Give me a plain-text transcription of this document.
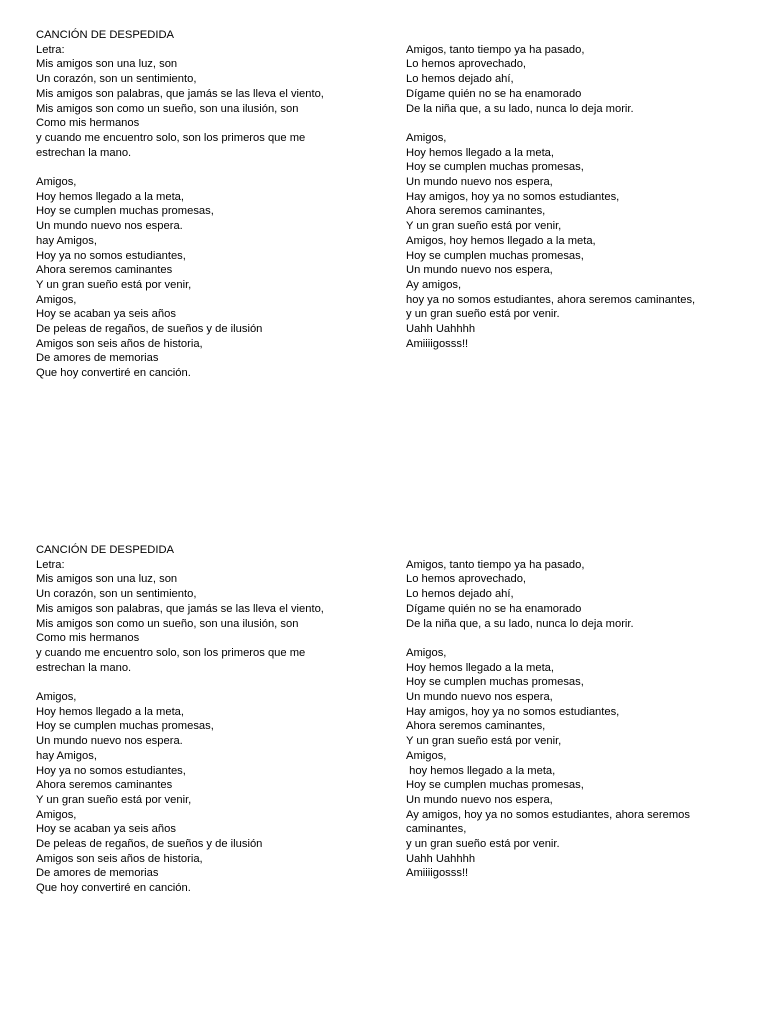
CANCIÓN DE DESPEDIDA
Letra:
Mis amigos son una luz, son
Un corazón, son un sentimiento,
Mis amigos son palabras, que jamás se las lleva el viento,
Mis amigos son como un sueño, son una ilusión, son
Como mis hermanos
y cuando me encuentro solo, son los primeros que me
estrechan la mano.
Amigos,
Hoy hemos llegado a la meta,
Hoy se cumplen muchas promesas,
Un mundo nuevo nos espera.
hay Amigos,
Hoy ya no somos estudiantes,
Ahora seremos caminantes
Y un gran sueño está por venir,
Amigos,
Hoy se acaban ya seis años
De peleas de regaños, de sueños y de ilusión
Amigos son seis años de historia,
De amores de memorias
Que hoy convertiré en canción.
Amigos, tanto tiempo ya ha pasado,
Lo hemos aprovechado,
Lo hemos dejado ahí,
Dígame quién no se ha enamorado
De la niña que, a su lado, nunca lo deja morir.
Amigos,
Hoy hemos llegado a la meta,
Hoy se cumplen muchas promesas,
Un mundo nuevo nos espera,
Hay amigos, hoy ya no somos estudiantes,
Ahora seremos caminantes,
Y un gran sueño está por venir,
Amigos, hoy hemos llegado a la meta,
Hoy se cumplen muchas promesas,
Un mundo nuevo nos espera,
Ay amigos,
hoy ya no somos estudiantes, ahora seremos caminantes,
y un gran sueño está por venir.
Uahh Uahhhh
Amiiiigosss!!
CANCIÓN DE DESPEDIDA
Letra:
Mis amigos son una luz, son
Un corazón, son un sentimiento,
Mis amigos son palabras, que jamás se las lleva el viento,
Mis amigos son como un sueño, son una ilusión, son
Como mis hermanos
y cuando me encuentro solo, son los primeros que me
estrechan la mano.
Amigos,
Hoy hemos llegado a la meta,
Hoy se cumplen muchas promesas,
Un mundo nuevo nos espera.
hay Amigos,
Hoy ya no somos estudiantes,
Ahora seremos caminantes
Y un gran sueño está por venir,
Amigos,
Hoy se acaban ya seis años
De peleas de regaños, de sueños y de ilusión
Amigos son seis años de historia,
De amores de memorias
Que hoy convertiré en canción.
Amigos, tanto tiempo ya ha pasado,
Lo hemos aprovechado,
Lo hemos dejado ahí,
Dígame quién no se ha enamorado
De la niña que, a su lado, nunca lo deja morir.
Amigos,
Hoy hemos llegado a la meta,
Hoy se cumplen muchas promesas,
Un mundo nuevo nos espera,
Hay amigos, hoy ya no somos estudiantes,
Ahora seremos caminantes,
Y un gran sueño está por venir,
Amigos,
hoy hemos llegado a la meta,
Hoy se cumplen muchas promesas,
Un mundo nuevo nos espera,
Ay amigos, hoy ya no somos estudiantes, ahora seremos
caminantes,
y un gran sueño está por venir.
Uahh Uahhhh
Amiiiigosss!!
